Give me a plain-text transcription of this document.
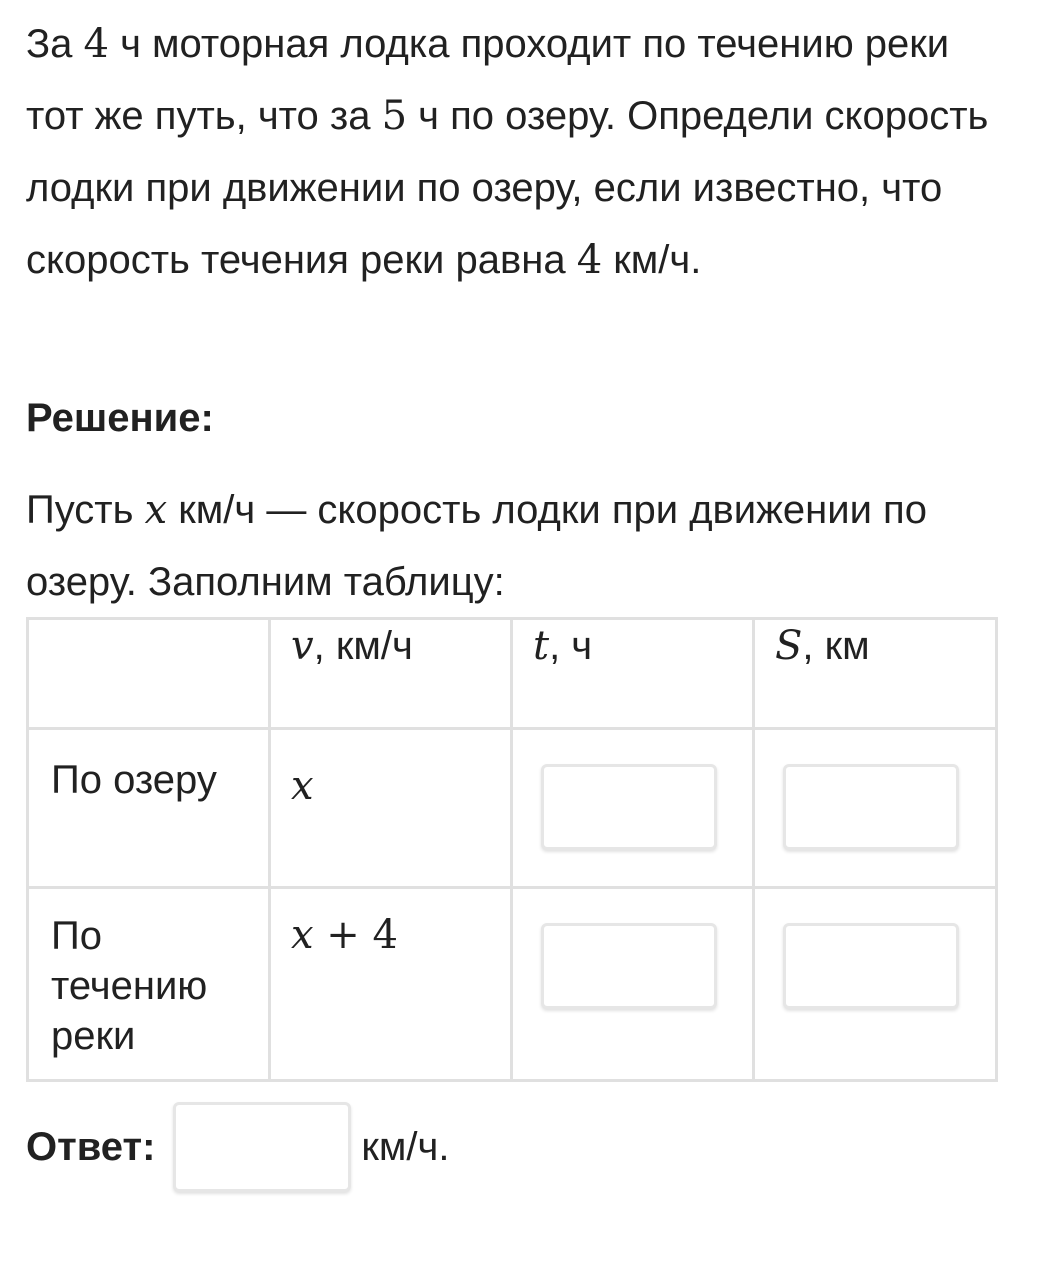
За 4 ч моторная лодка проходит по течению реки тот же путь, что за 5 ч по озеру. Определи скорость лодки при движении по озеру, если известно, что скорость течения реки равна 4 км/ч.

Решение:

Пусть x км/ч — скорость лодки при движении по озеру. Заполним таблицу:

	v, км/ч	t, ч	S, км

По озеру	x

По
течению
реки	x + 4

Ответ:	км/ч.
